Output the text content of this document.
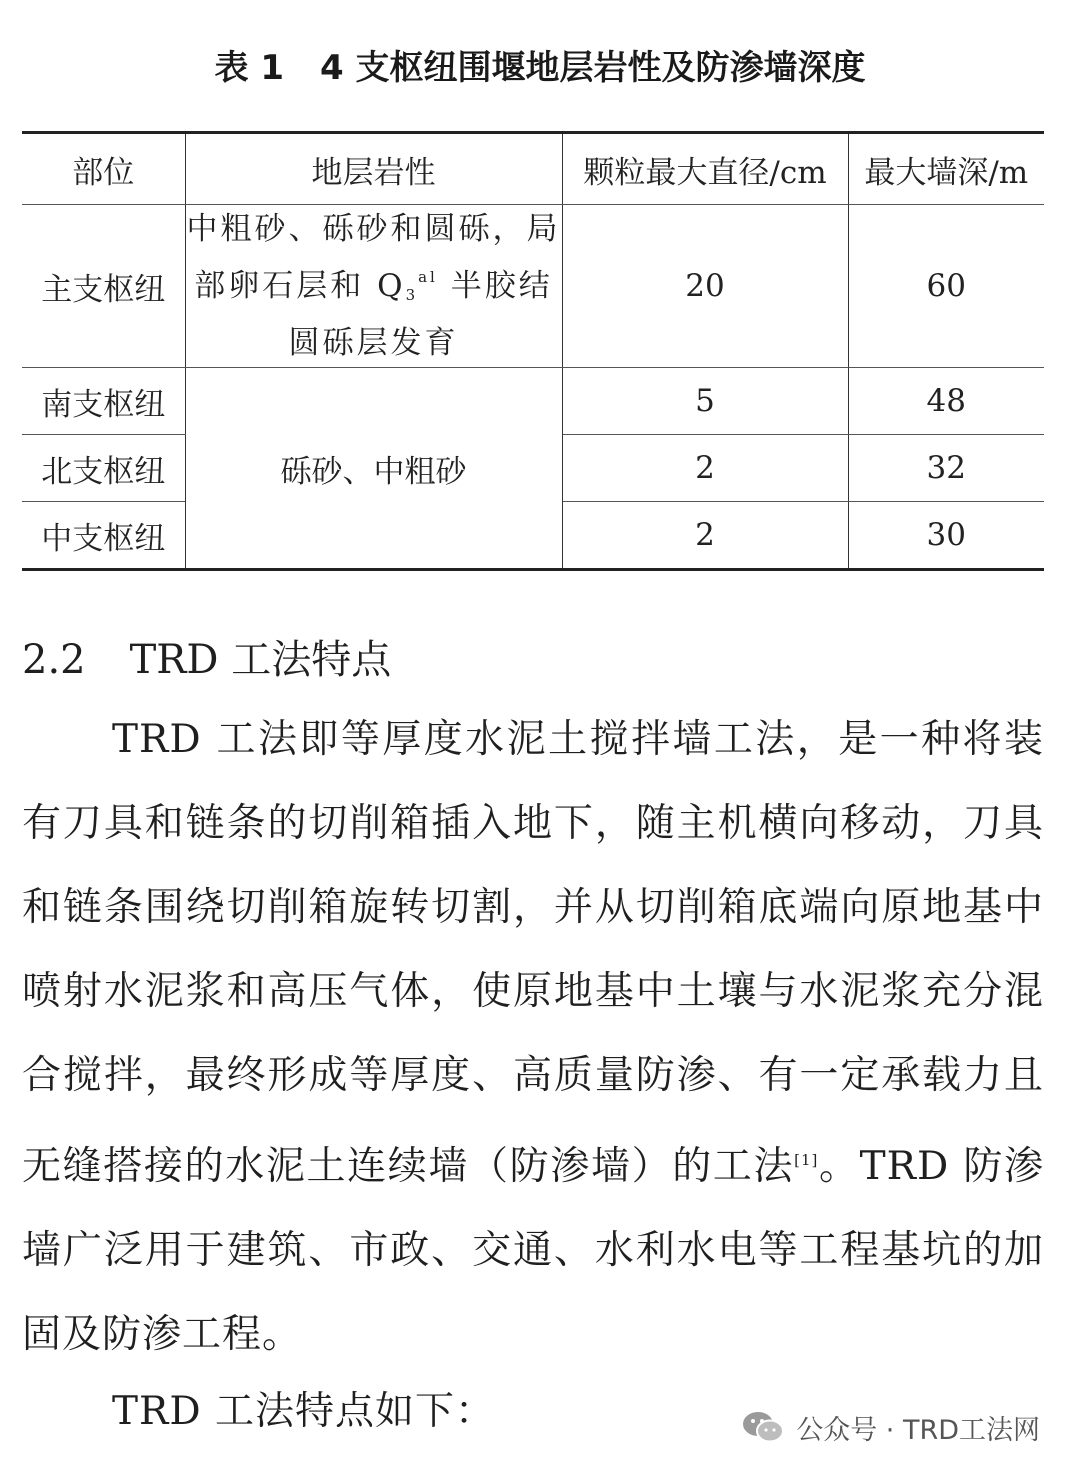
表 1 4 支枢纽围堰地层岩性及防渗墙深度
部位	地层岩性	颗粒最大直径/cm	最大墙深/m
主支枢纽	中粗砂、砾砂和圆砾，局部卵石层和 $Q_3^{al}$ 半胶结圆砾层发育	20	60
南支枢纽	砾砂、中粗砂	5	48
北支枢纽		2	32
中支枢纽		2	30
2.2 TRD 工法特点

TRD 工法即等厚度水泥土搅拌墙工法，是一种将装有刀具和链条的切削箱插入地下，随主机横向移动，刀具和链条围绕切削箱旋转切割，并从切削箱底端向原地基中喷射水泥浆和高压气体，使原地基中土壤与水泥浆充分混合搅拌，最终形成等厚度、高质量防渗、有一定承载力且无缝搭接的水泥土连续墙（防渗墙）的工法[1]。TRD 防渗墙广泛用于建筑、市政、交通、水利水电等工程基坑的加固及防渗工程。

TRD 工法特点如下：	公众号 · TRD工法网
